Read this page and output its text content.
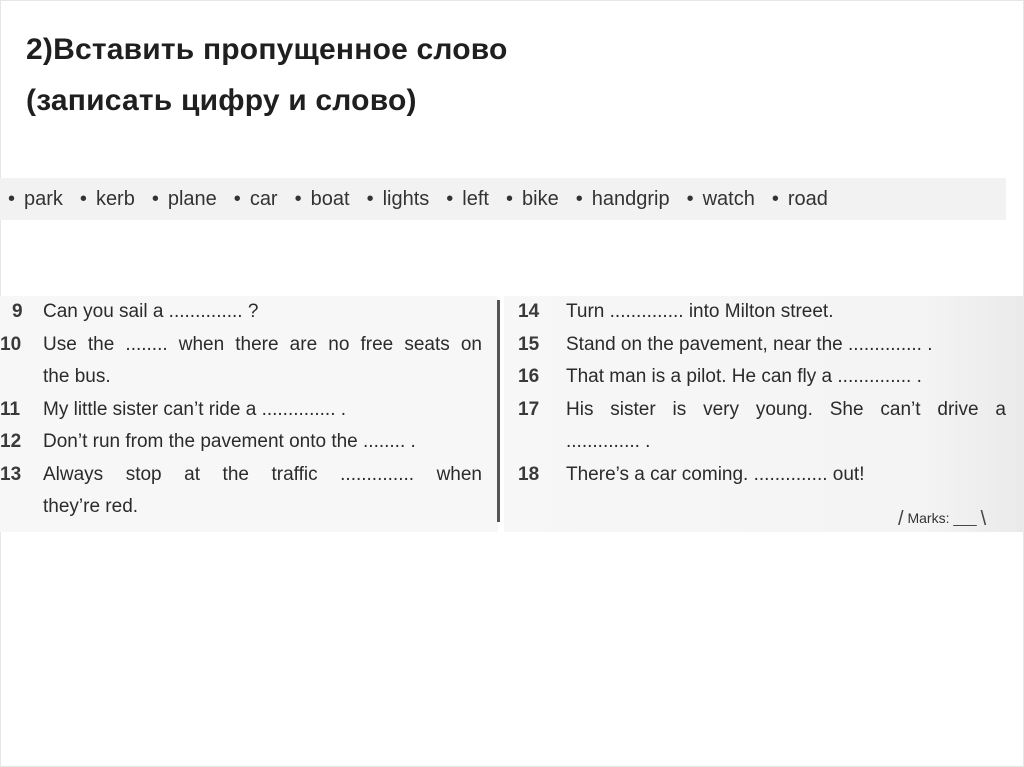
2)Вставить пропущенное слово
(записать цифру и слово)
• park • kerb • plane • car • boat • lights • left • bike • handgrip • watch • road
9	Can you sail a .............. ?
10	Use the ........ when there are no free seats on
the bus.
11	My little sister can’t ride a .............. .
12	Don’t run from the pavement onto the ........ .
13	Always stop at the traffic .............. when
they’re red.
14 Turn .............. into Milton street.
15 Stand on the pavement, near the .............. .
16 That man is a pilot. He can fly a .............. .
17 His sister is very young. She can’t drive a
.............. .
18 There’s a car coming. .............. out!
/ Marks: ___ \
